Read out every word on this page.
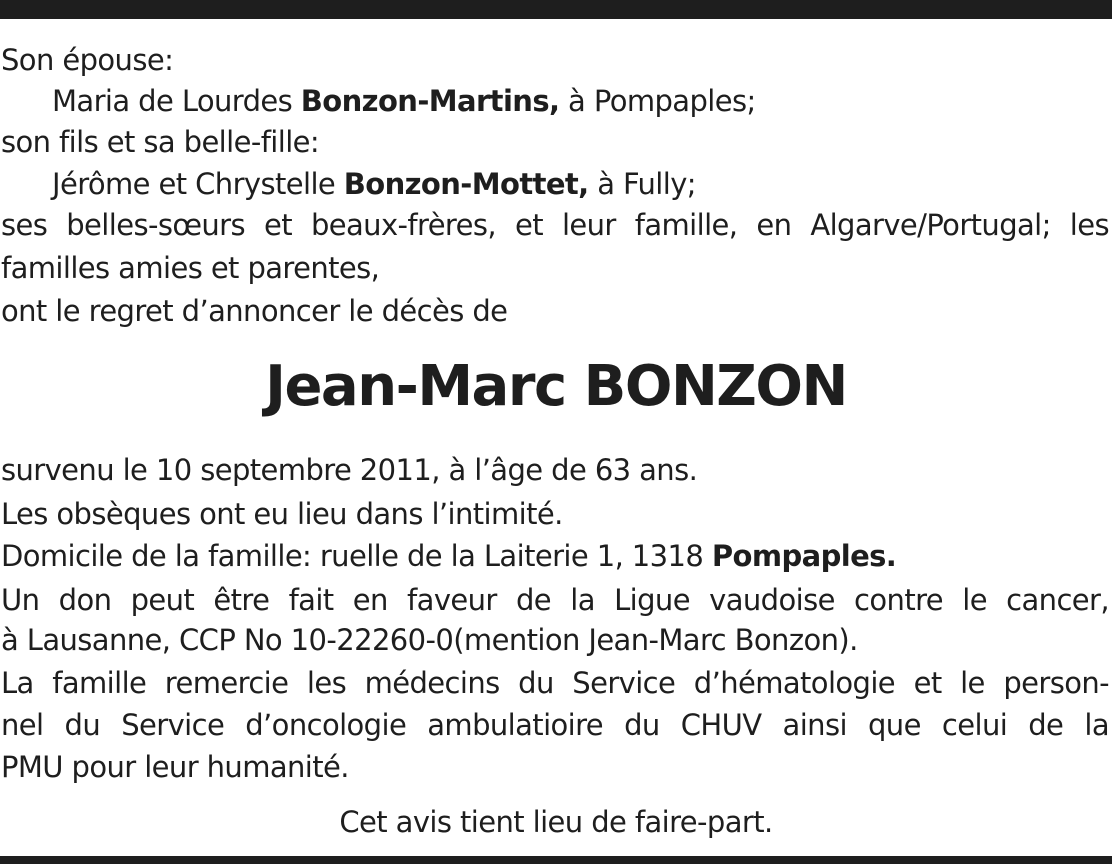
Son épouse:
Maria de Lourdes Bonzon-Martins, à Pompaples;
son fils et sa belle-fille:
Jérôme et Chrystelle Bonzon-Mottet, à Fully;
ses belles-sœurs et beaux-frères, et leur famille, en Algarve/Portugal; les
familles amies et parentes,
ont le regret d’annoncer le décès de
Jean-Marc BONZON
survenu le 10 septembre 2011, à l’âge de 63 ans.
Les obsèques ont eu lieu dans l’intimité.
Domicile de la famille: ruelle de la Laiterie 1, 1318 Pompaples.
Un don peut être fait en faveur de la Ligue vaudoise contre le cancer,
à Lausanne, CCP No 10-22260-0(mention Jean-Marc Bonzon).
La famille remercie les médecins du Service d’hématologie et le person-
nel du Service d’oncologie ambulatioire du CHUV ainsi que celui de la
PMU pour leur humanité.
Cet avis tient lieu de faire-part.
